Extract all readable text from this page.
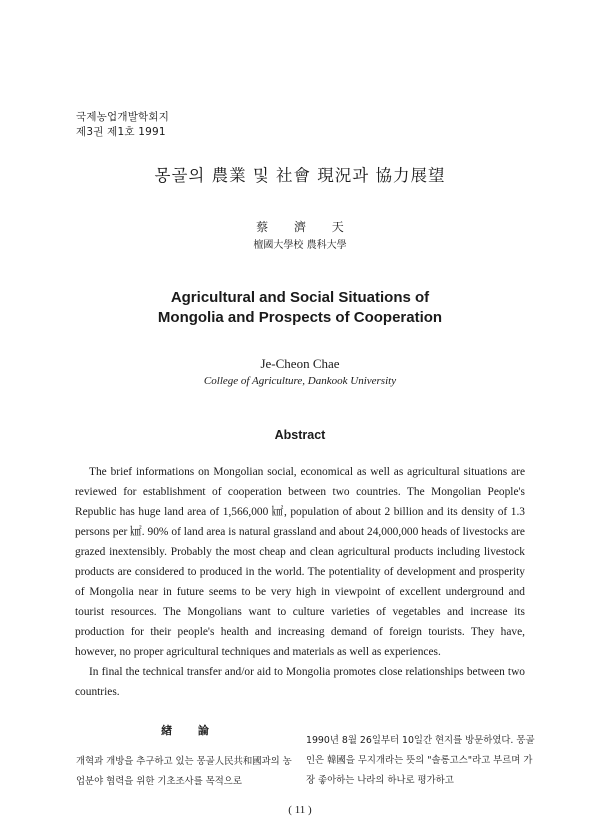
국제농업개발학회지
제3권 제1호 1991
몽골의 農業 및 社會 現況과 協力展望
蔡 濟 天
檀國大學校 農科大學
Agricultural and Social Situations of
Mongolia and Prospects of Cooperation
Je-Cheon Chae
College of Agriculture, Dankook University
Abstract

The brief informations on Mongolian social, economical as well as agricultural situations are reviewed for establishment of cooperation between two countries. The Mongolian People's Republic has huge land area of 1,566,000 ㎢, population of about 2 billion and its density of 1.3 persons per ㎢. 90% of land area is natural grassland and about 24,000,000 heads of livestocks are grazed inextensibly. Probably the most cheap and clean agricultural products including livestock products are considered to produced in the world. The potentiality of development and prosperity of Mongolia near in future seems to be very high in viewpoint of excellent underground and tourist resources. The Mongolians want to culture varieties of vegetables and increase its production for their people's health and increasing demand of foreign tourists. They have, however, no proper agricultural techniques and materials as well as experiences.

In final the technical transfer and/or aid to Mongolia promotes close relationships between two countries.

緖 論

개혁과 개방을 추구하고 있는 몽골人民共和國과의 농업분야 협력을 위한 기초조사를 목적으로

1990년 8월 26일부터 10일간 현지를 방문하였다. 몽골인은 韓國을 무지개라는 뜻의 "솔롱고스"라고 부르며 가장 좋아하는 나라의 하나로 평가하고

( 11 )
